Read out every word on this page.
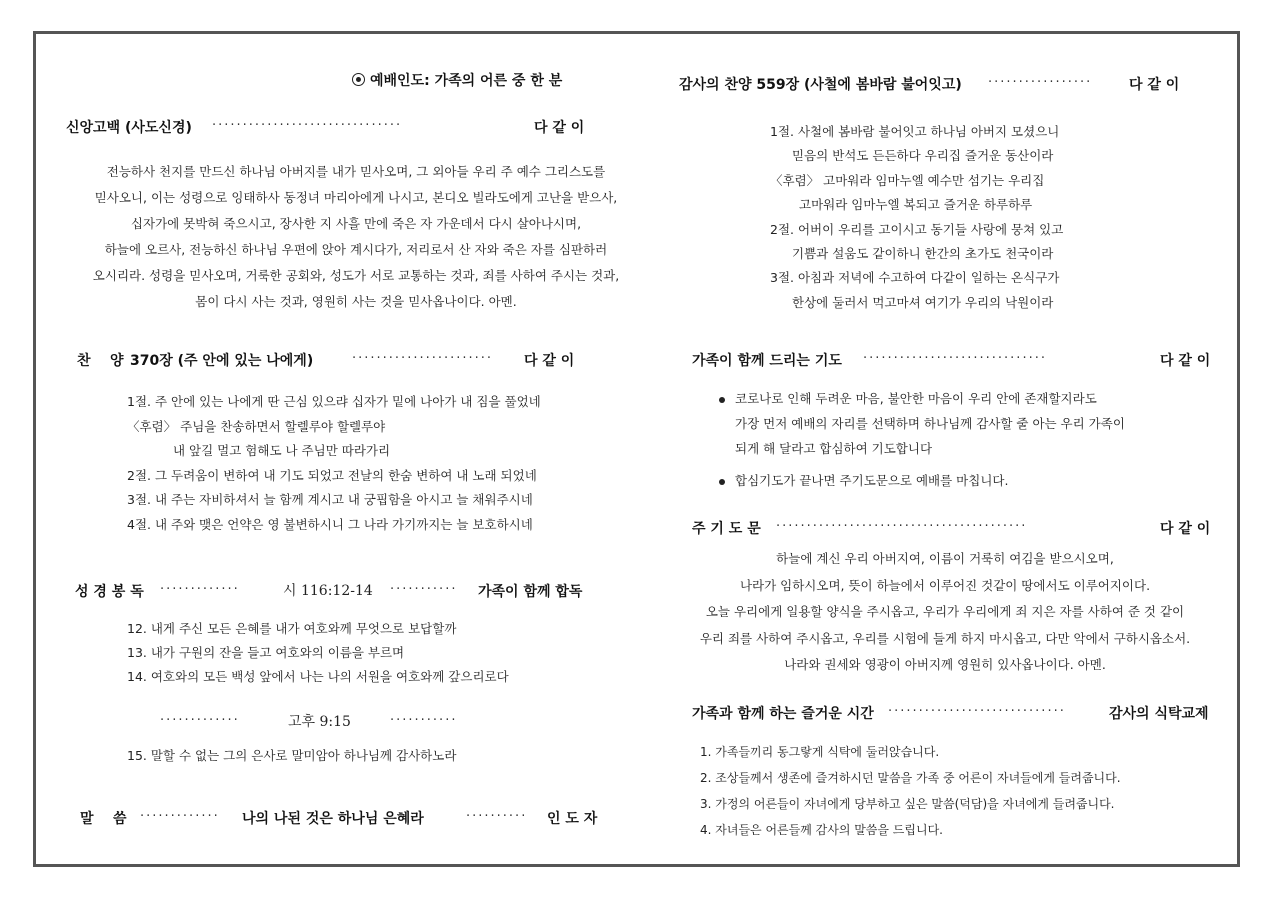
예배인도: 가족의 어른 중 한 분
신앙고백 (사도신경) ·······························	다 같 이
전능하사 천지를 만드신 하나님 아버지를 내가 믿사오며, 그 외아들 우리 주 예수 그리스도를
믿사오니, 이는 성령으로 잉태하사 동정녀 마리아에게 나시고, 본디오 빌라도에게 고난을 받으사,
십자가에 못박혀 죽으시고, 장사한 지 사흘 만에 죽은 자 가운데서 다시 살아나시며,
하늘에 오르사, 전능하신 하나님 우편에 앉아 계시다가, 저리로서 산 자와 죽은 자를 심판하러
오시리라. 성령을 믿사오며, 거룩한 공회와, 성도가 서로 교통하는 것과, 죄를 사하여 주시는 것과,
몸이 다시 사는 것과, 영원히 사는 것을 믿사옵나이다. 아멘.
찬    양 370장 (주 안에 있는 나에게)	······················· 다 같 이
1절. 주 안에 있는 나에게 딴 근심 있으랴 십자가 밑에 나아가 내 짐을 풀었네
〈후렴〉 주님을 찬송하면서 할렐루야 할렐루야
내 앞길 멀고 험해도 나 주님만 따라가리
2절. 그 두려움이 변하여 내 기도 되었고 전날의 한숨 변하여 내 노래 되었네
3절. 내 주는 자비하셔서 늘 함께 계시고 내 궁핍함을 아시고 늘 채워주시네
4절. 내 주와 맺은 언약은 영 불변하시니 그 나라 가기까지는 늘 보호하시네
성 경 봉 독 ·············	시 116:12-14 ··········· 가족이 함께 합독
12. 내게 주신 모든 은혜를 내가 여호와께 무엇으로 보답할까
13. 내가 구원의 잔을 들고 여호와의 이름을 부르며
14. 여호와의 모든 백성 앞에서 나는 나의 서원을 여호와께 갚으리로다
·············	고후 9:15	···········
15. 말할 수 없는 그의 은사로 말미암아 하나님께 감사하노라
말    씀 ············· 나의 나된 것은 하나님 은혜라	·········· 인 도 자
감사의 찬양 559장 (사철에 봄바람 불어잇고) ·················	다 같 이
1절. 사철에 봄바람 불어잇고 하나님 아버지 모셨으니
믿음의 반석도 든든하다 우리집 즐거운 동산이라
〈후렴〉 고마워라 임마누엘 예수만 섬기는 우리집
고마워라 임마누엘 복되고 즐거운 하루하루
2절. 어버이 우리를 고이시고 동기들 사랑에 뭉쳐 있고
기쁨과 설움도 같이하니 한간의 초가도 천국이라
3절. 아침과 저녁에 수고하여 다같이 일하는 온식구가
한상에 둘러서 먹고마셔 여기가 우리의 낙원이라
가족이 함께 드리는 기도 ······························	다 같 이
코로나로 인해 두려운 마음, 불안한 마음이 우리 안에 존재할지라도
가장 먼저 예배의 자리를 선택하며 하나님께 감사할 줄 아는 우리 가족이
되게 해 달라고 합심하여 기도합니다
합심기도가 끝나면 주기도문으로 예배를 마칩니다.
주 기 도 문 ·········································	다 같 이
하늘에 계신 우리 아버지여, 이름이 거룩히 여김을 받으시오며,
나라가 임하시오며, 뜻이 하늘에서 이루어진 것같이 땅에서도 이루어지이다.
오늘 우리에게 일용할 양식을 주시옵고, 우리가 우리에게 죄 지은 자를 사하여 준 것 같이
우리 죄를 사하여 주시옵고, 우리를 시험에 들게 하지 마시옵고, 다만 악에서 구하시옵소서.
나라와 권세와 영광이 아버지께 영원히 있사옵나이다. 아멘.
가족과 함께 하는 즐거운 시간 ·····························	감사의 식탁교제
1. 가족들끼리 동그랗게 식탁에 둘러앉습니다.
2. 조상들께서 생존에 즐겨하시던 말씀을 가족 중 어른이 자녀들에게 들려줍니다.
3. 가정의 어른들이 자녀에게 당부하고 싶은 말씀(덕담)을 자녀에게 들려줍니다.
4. 자녀들은 어른들께 감사의 말씀을 드립니다.
